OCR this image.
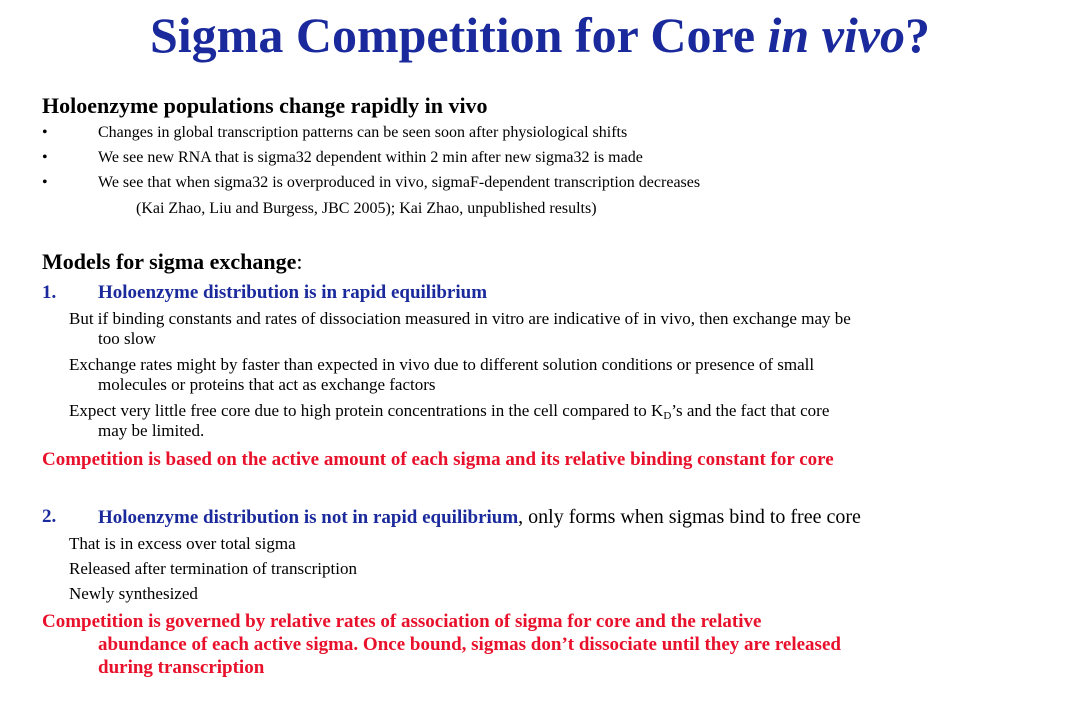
Sigma Competition for Core in vivo?
Holoenzyme populations change rapidly in vivo
•	Changes in global transcription patterns can be seen soon after physiological shifts
•	We see new RNA that is sigma32 dependent within 2 min after new sigma32 is made
•	We see that when sigma32 is overproduced in vivo, sigmaF-dependent transcription decreases
(Kai Zhao, Liu and Burgess, JBC 2005); Kai Zhao, unpublished results)
Models for sigma exchange:
1. Holoenzyme distribution is in rapid equilibrium
But if binding constants and rates of dissociation measured in vitro are indicative of in vivo, then exchange may be
too slow
Exchange rates might by faster than expected in vivo due to different solution conditions or presence of small
molecules or proteins that act as exchange factors
Expect very little free core due to high protein concentrations in the cell compared to $K_D’s$ and the fact that core
may be limited.
Competition is based on the active amount of each sigma and its relative binding constant for core
2. Holoenzyme distribution is not in rapid equilibrium, only forms when sigmas bind to free core
That is in excess over total sigma
Released after termination of transcription
Newly synthesized
Competition is governed by relative rates of association of sigma for core and the relative
abundance of each active sigma. Once bound, sigmas don’t dissociate until they are released
during transcription
